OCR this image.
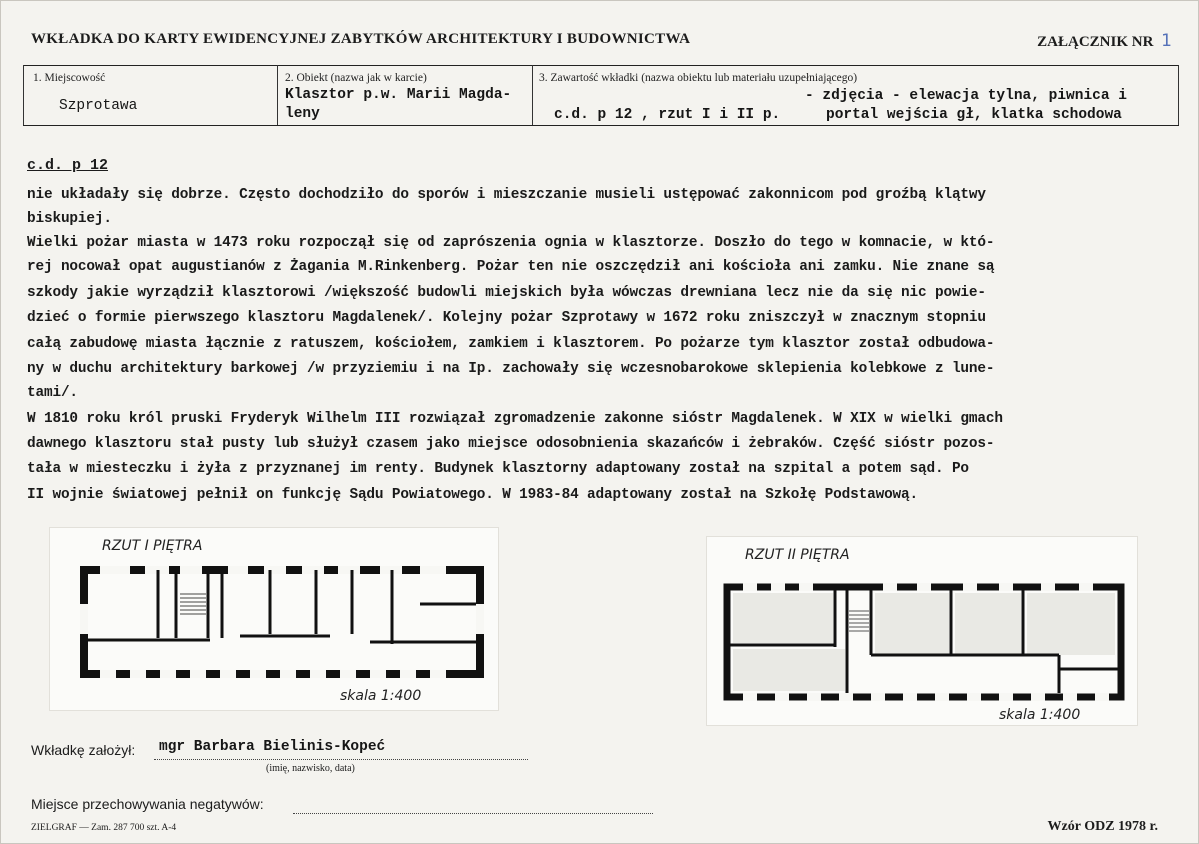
WKŁADKA DO KARTY EWIDENCYJNEJ ZABYTKÓW ARCHITEKTURY I BUDOWNICTWA	ZAŁĄCZNIK NR 1
1. Miejscowość
Szprotawa
2. Obiekt (nazwa jak w karcie)
Klasztor p.w. Marii Magda-
leny
3. Zawartość wkładki (nazwa obiektu lub materiału uzupełniającego)
- zdjęcia - elewacja tylna, piwnica i
c.d. p 12 , rzut I i II p.	portal wejścia gł, klatka schodowa
c.d. p 12
nie układały się dobrze. Często dochodziło do sporów i mieszczanie musieli ustępować zakonnicom pod groźbą klątwy
biskupiej.
Wielki pożar miasta w 1473 roku rozpoczął się od zaprószenia ognia w klasztorze. Doszło do tego w komnacie, w któ-
rej nocował opat augustianów z Żagania M.Rinkenberg. Pożar ten nie oszczędził ani kościoła ani zamku. Nie znane są
szkody jakie wyrządził klasztorowi /większość budowli miejskich była wówczas drewniana lecz nie da się nic powie-
dzieć o formie pierwszego klasztoru Magdalenek/. Kolejny pożar Szprotawy w 1672 roku zniszczył w znacznym stopniu
całą zabudowę miasta łącznie z ratuszem, kościołem, zamkiem i klasztorem. Po pożarze tym klasztor został odbudowa-
ny w duchu architektury barkowej /w przyziemiu i na Ip. zachowały się wczesnobarokowe sklepienia kolebkowe z lune-
tami/.
W 1810 roku król pruski Fryderyk Wilhelm III rozwiązał zgromadzenie zakonne sióstr Magdalenek. W XIX w wielki gmach
dawnego klasztoru stał pusty lub służył czasem jako miejsce odosobnienia skazańców i żebraków. Część sióstr pozos-
tała w miesteczku i żyła z przyznanej im renty. Budynek klasztorny adaptowany został na szpital a potem sąd. Po
II wojnie światowej pełnił on funkcję Sądu Powiatowego. W 1983-84 adaptowany został na Szkołę Podstawową.
RZUT I PIĘTRA
skala 1:400
RZUT II PIĘTRA
skala 1:400
Wkładkę założył: mgr Barbara Bielinis-Kopeć
(imię, nazwisko, data)
Miejsce przechowywania negatywów:
ZIELGRAF — Zam. 287 700 szt. A-4	Wzór ODZ 1978 r.
